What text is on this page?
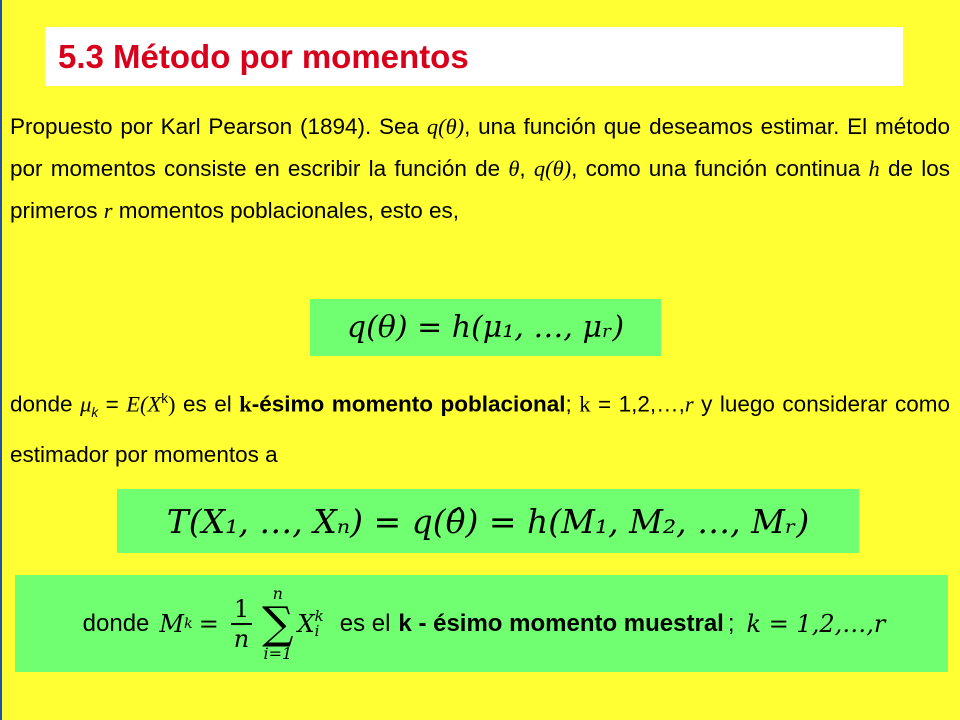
5.3 Método por momentos
Propuesto por Karl Pearson (1894). Sea q(θ), una función que deseamos estimar. El método por momentos consiste en escribir la función de θ, q(θ), como una función continua h de los primeros r momentos poblacionales, esto es,
q(θ) = h(μ₁, …, μᵣ)
donde $\mu_k = E(X^k)$ es el k-ésimo momento poblacional; k = 1,2,…,r y luego considerar como estimador por momentos a
T(X₁, …, Xₙ) = q(θ̂) = h(M₁, M₂, …, Mᵣ)
donde M $k = \frac{1}{n}$
n
∑
i=1
X k
i es el k - ésimo momento muestral ; k = 1,2,…,r
